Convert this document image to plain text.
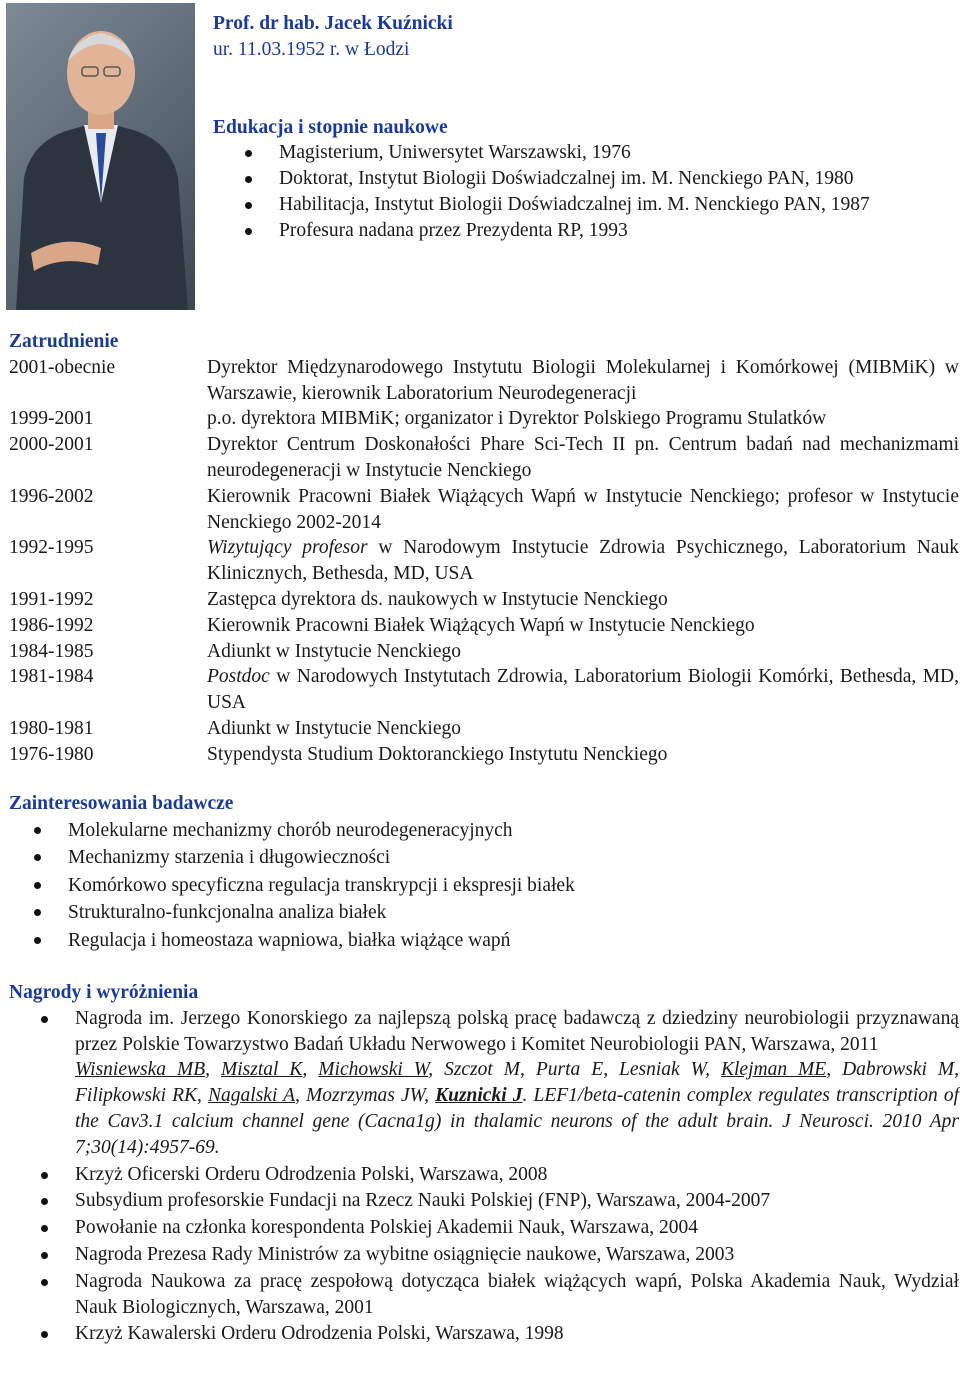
Prof. dr hab. Jacek Kuźnicki
ur. 11.03.1952 r. w Łodzi
Edukacja i stopnie naukowe
Magisterium, Uniwersytet Warszawski, 1976
Doktorat, Instytut Biologii Doświadczalnej im. M. Nenckiego PAN, 1980
Habilitacja, Instytut Biologii Doświadczalnej im. M. Nenckiego PAN, 1987
Profesura nadana przez Prezydenta RP, 1993
Zatrudnienie
2001-obecnie	Dyrektor Międzynarodowego Instytutu Biologii Molekularnej i Komórkowej (MIBMiK) w Warszawie, kierownik Laboratorium Neurodegeneracji
1999-2001	p.o. dyrektora MIBMiK; organizator i Dyrektor Polskiego Programu Stulatków
2000-2001	Dyrektor Centrum Doskonałości Phare Sci-Tech II pn. Centrum badań nad mechanizmami neurodegeneracji w Instytucie Nenckiego
1996-2002	Kierownik Pracowni Białek Wiążących Wapń w Instytucie Nenckiego; profesor w Instytucie Nenckiego 2002-2014
1992-1995	Wizytujący profesor w Narodowym Instytucie Zdrowia Psychicznego, Laboratorium Nauk Klinicznych, Bethesda, MD, USA
1991-1992	Zastępca dyrektora ds. naukowych w Instytucie Nenckiego
1986-1992	Kierownik Pracowni Białek Wiążących Wapń w Instytucie Nenckiego
1984-1985	Adiunkt w Instytucie Nenckiego
1981-1984	Postdoc w Narodowych Instytutach Zdrowia, Laboratorium Biologii Komórki, Bethesda, MD, USA
1980-1981	Adiunkt w Instytucie Nenckiego
1976-1980	Stypendysta Studium Doktoranckiego Instytutu Nenckiego
Zainteresowania badawcze
Molekularne mechanizmy chorób neurodegeneracyjnych
Mechanizmy starzenia i długowieczności
Komórkowo specyficzna regulacja transkrypcji i ekspresji białek
Strukturalno-funkcjonalna analiza białek
Regulacja i homeostaza wapniowa, białka wiążące wapń
Nagrody i wyróżnienia
Nagroda im. Jerzego Konorskiego za najlepszą polską pracę badawczą z dziedziny neurobiologii przyznawaną przez Polskie Towarzystwo Badań Układu Nerwowego i Komitet Neurobiologii PAN, Warszawa, 2011
Wisniewska MB, Misztal K, Michowski W, Szczot M, Purta E, Lesniak W, Klejman ME, Dabrowski M, Filipkowski RK, Nagalski A, Mozrzymas JW, Kuznicki J. LEF1/beta-catenin complex regulates transcription of the Cav3.1 calcium channel gene (Cacna1g) in thalamic neurons of the adult brain. J Neurosci. 2010 Apr 7;30(14):4957-69.
Krzyż Oficerski Orderu Odrodzenia Polski, Warszawa, 2008
Subsydium profesorskie Fundacji na Rzecz Nauki Polskiej (FNP), Warszawa, 2004-2007
Powołanie na członka korespondenta Polskiej Akademii Nauk, Warszawa, 2004
Nagroda Prezesa Rady Ministrów za wybitne osiągnięcie naukowe, Warszawa, 2003
Nagroda Naukowa za pracę zespołową dotycząca białek wiążących wapń, Polska Akademia Nauk, Wydział Nauk Biologicznych, Warszawa, 2001
Krzyż Kawalerski Orderu Odrodzenia Polski, Warszawa, 1998
